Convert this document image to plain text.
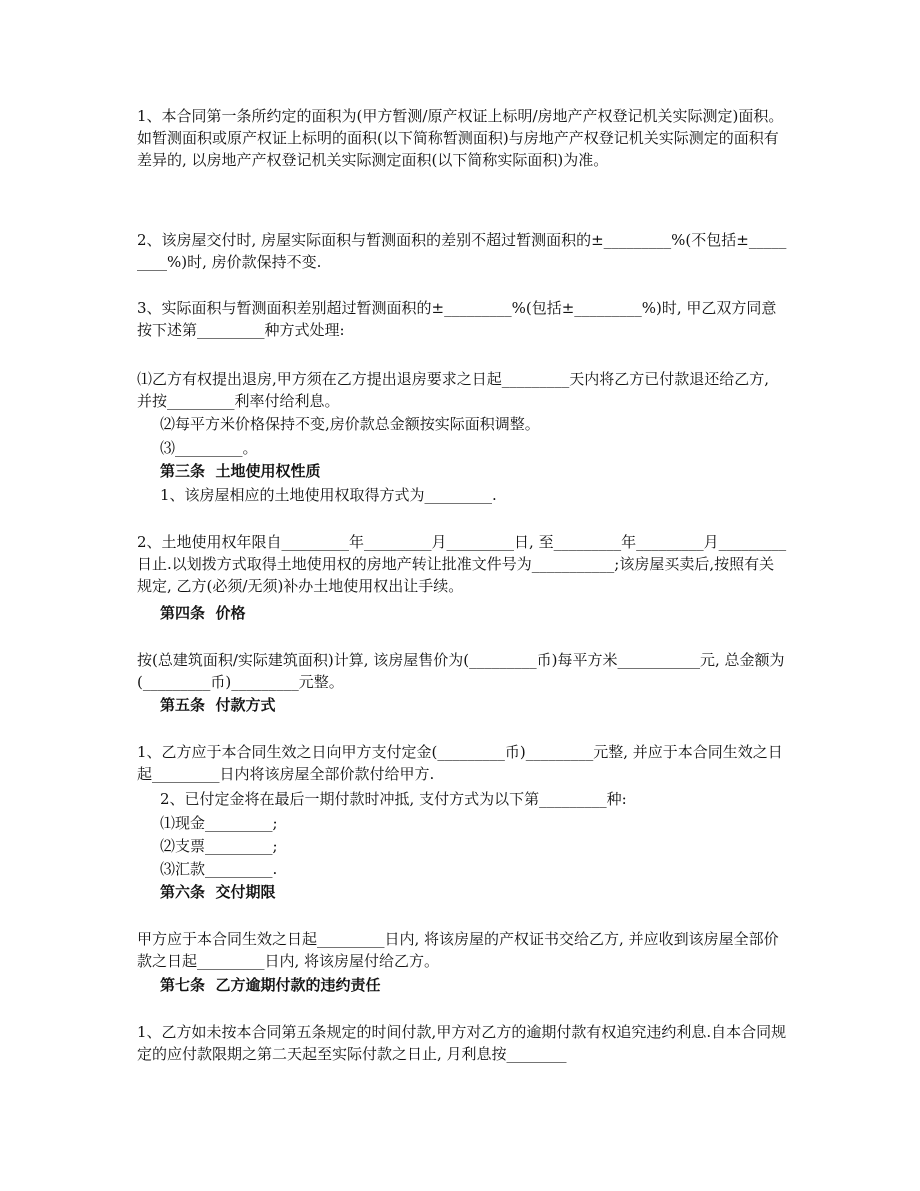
1、本合同第一条所约定的面积为(甲方暂测/原产权证上标明/房地产产权登记机关实际测定)面积。如暂测面积或原产权证上标明的面积(以下简称暂测面积)与房地产产权登记机关实际测定的面积有差异的, 以房地产产权登记机关实际测定面积(以下简称实际面积)为准。
2、该房屋交付时, 房屋实际面积与暂测面积的差别不超过暂测面积的±_________%(不包括±_________%)时, 房价款保持不变.
3、实际面积与暂测面积差别超过暂测面积的±_________%(包括±_________%)时, 甲乙双方同意按下述第_________种方式处理:
⑴乙方有权提出退房,甲方须在乙方提出退房要求之日起_________天内将乙方已付款退还给乙方, 并按_________利率付给利息。
⑵每平方米价格保持不变,房价款总金额按实际面积调整。
⑶_________。
第三条  土地使用权性质
1、该房屋相应的土地使用权取得方式为_________.
2、土地使用权年限自_________年_________月_________日, 至_________年_________月_________日止.以划拨方式取得土地使用权的房地产转让批准文件号为___________;该房屋买卖后,按照有关规定, 乙方(必须/无须)补办土地使用权出让手续。
第四条  价格
按(总建筑面积/实际建筑面积)计算, 该房屋售价为(_________币)每平方米___________元, 总金额为(_________币)_________元整。
第五条  付款方式
1、乙方应于本合同生效之日向甲方支付定金(_________币)_________元整, 并应于本合同生效之日起_________日内将该房屋全部价款付给甲方.
2、已付定金将在最后一期付款时冲抵, 支付方式为以下第_________种:
⑴现金_________;
⑵支票_________;
⑶汇款_________.
第六条  交付期限
甲方应于本合同生效之日起_________日内, 将该房屋的产权证书交给乙方, 并应收到该房屋全部价款之日起_________日内, 将该房屋付给乙方。
第七条  乙方逾期付款的违约责任
1、乙方如未按本合同第五条规定的时间付款,甲方对乙方的逾期付款有权追究违约利息.自本合同规定的应付款限期之第二天起至实际付款之日止, 月利息按________
